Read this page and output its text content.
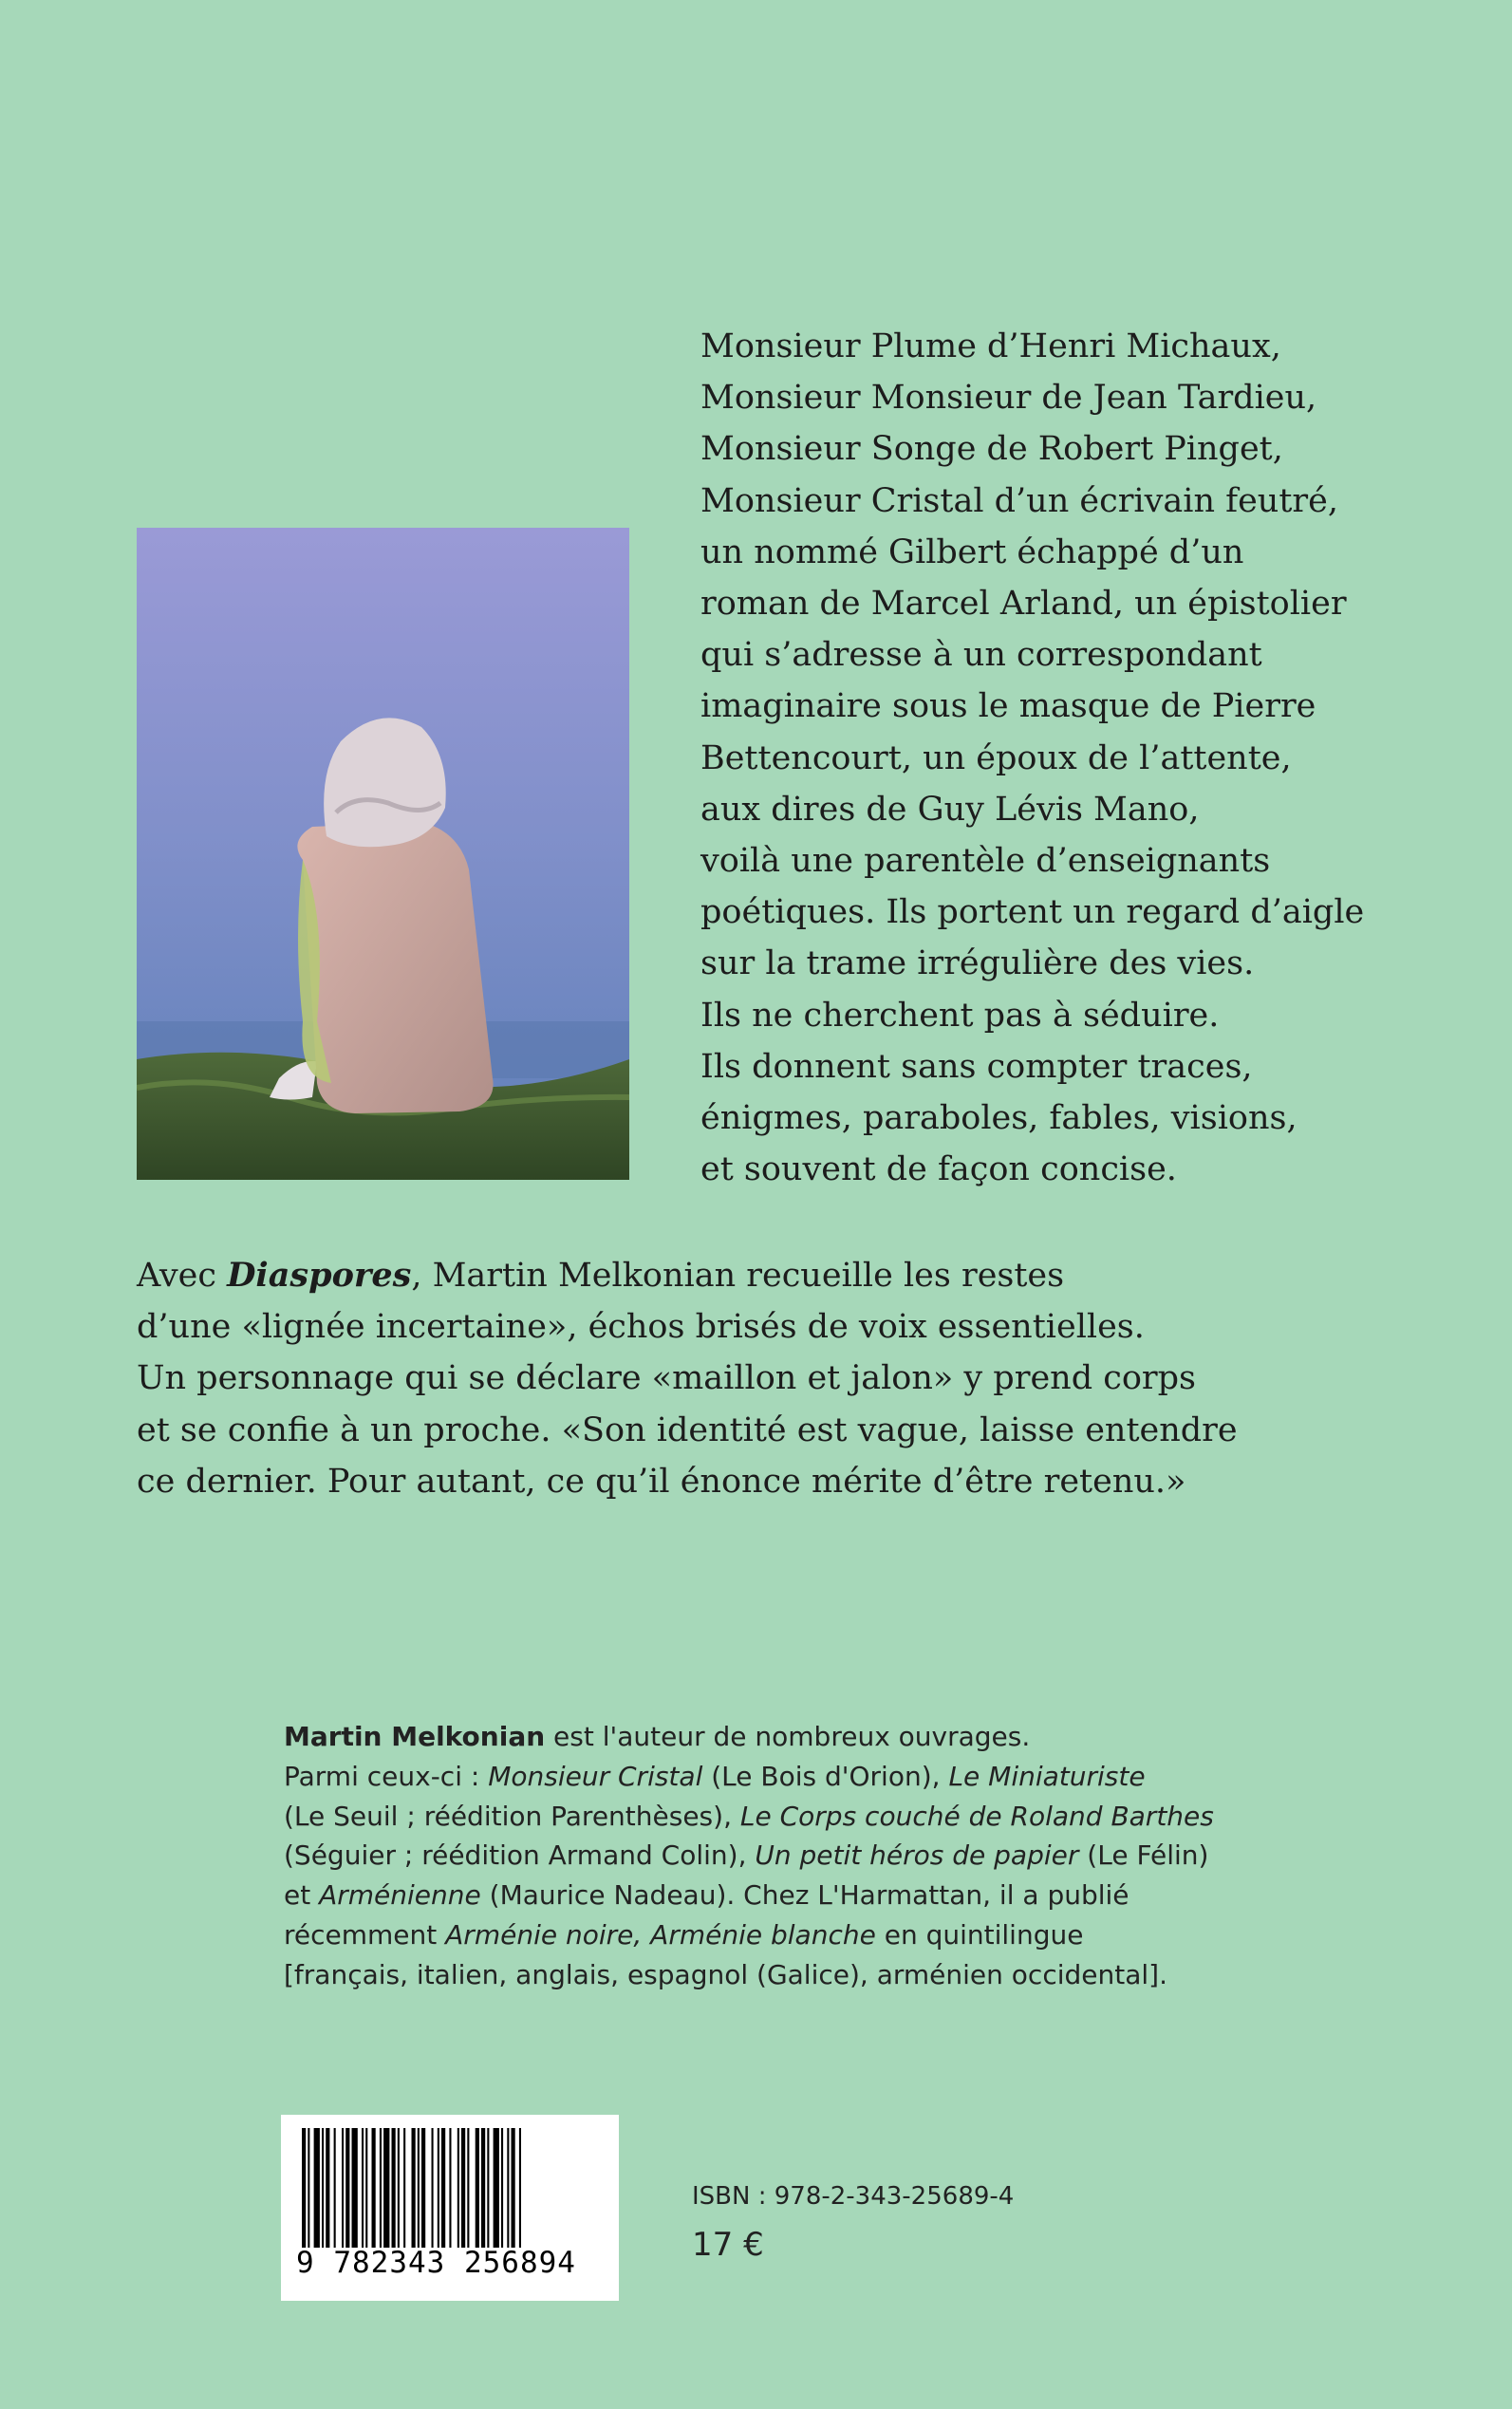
Monsieur Plume d’Henri Michaux,
Monsieur Monsieur de Jean Tardieu,
Monsieur Songe de Robert Pinget,
Monsieur Cristal d’un écrivain feutré,
un nommé Gilbert échappé d’un
roman de Marcel Arland, un épistolier
qui s’adresse à un correspondant
imaginaire sous le masque de Pierre
Bettencourt, un époux de l’attente,
aux dires de Guy Lévis Mano,
voilà une parentèle d’enseignants
poétiques. Ils portent un regard d’aigle
sur la trame irrégulière des vies.
Ils ne cherchent pas à séduire.
Ils donnent sans compter traces,
énigmes, paraboles, fables, visions,
et souvent de façon concise.
Avec Diaspores, Martin Melkonian recueille les restes
d’une «lignée incertaine», échos brisés de voix essentielles.
Un personnage qui se déclare «maillon et jalon» y prend corps
et se confie à un proche. «Son identité est vague, laisse entendre
ce dernier. Pour autant, ce qu’il énonce mérite d’être retenu.»
Martin Melkonian est l'auteur de nombreux ouvrages.
Parmi ceux-ci : Monsieur Cristal (Le Bois d'Orion), Le Miniaturiste
(Le Seuil ; réédition Parenthèses), Le Corps couché de Roland Barthes
(Séguier ; réédition Armand Colin), Un petit héros de papier (Le Félin)
et Arménienne (Maurice Nadeau). Chez L'Harmattan, il a publié
récemment Arménie noire, Arménie blanche en quintilingue
[français, italien, anglais, espagnol (Galice), arménien occidental].
9 782343 256894
ISBN : 978-2-343-25689-4
17 €
